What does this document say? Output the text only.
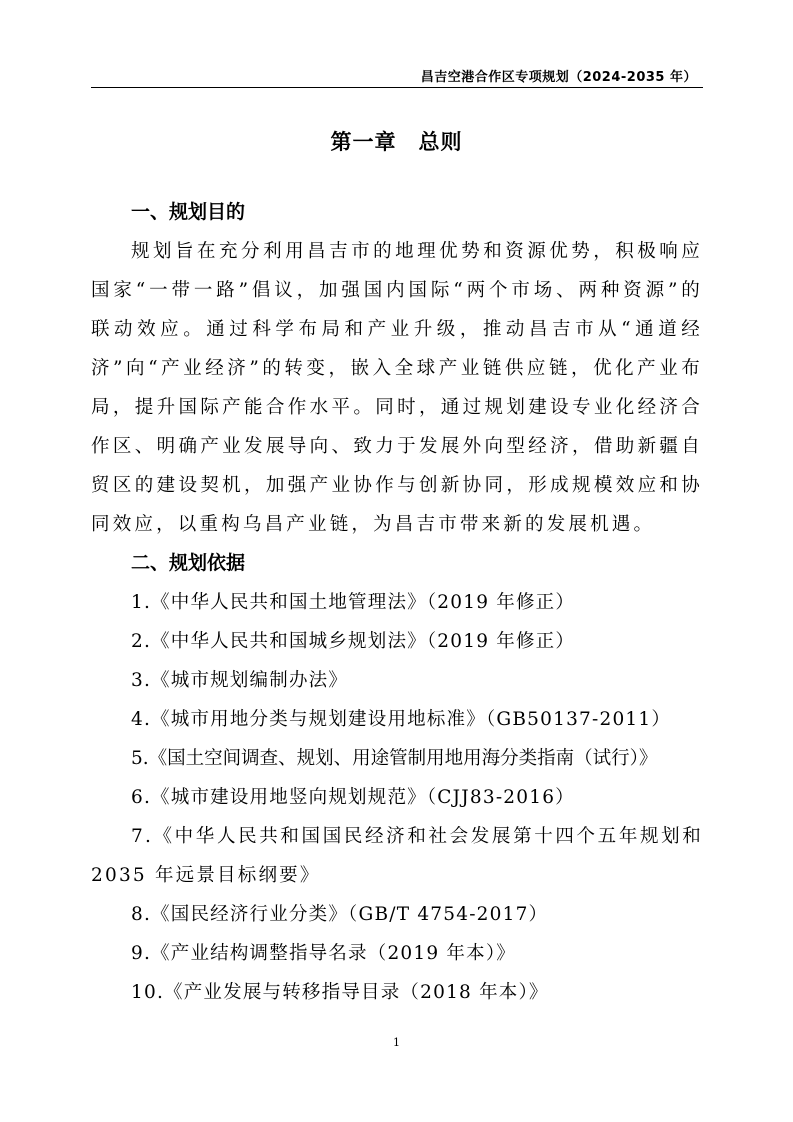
昌吉空港合作区专项规划（2024-2035 年）
第一章　总则
一、规划目的

规划旨在充分利用昌吉市的地理优势和资源优势，积极响应国家“一带一路”倡议，加强国内国际“两个市场、两种资源”的联动效应。通过科学布局和产业升级，推动昌吉市从“通道经济”向“产业经济”的转变，嵌入全球产业链供应链，优化产业布局，提升国际产能合作水平。同时，通过规划建设专业化经济合作区、明确产业发展导向、致力于发展外向型经济，借助新疆自贸区的建设契机，加强产业协作与创新协同，形成规模效应和协同效应，以重构乌昌产业链，为昌吉市带来新的发展机遇。

二、规划依据
1.《中华人民共和国土地管理法》（2019 年修正）
2.《中华人民共和国城乡规划法》（2019 年修正）
3.《城市规划编制办法》
4.《城市用地分类与规划建设用地标准》（GB50137-2011）
5.《国土空间调查、规划、用途管制用地用海分类指南（试行）》
6.《城市建设用地竖向规划规范》（CJJ83-2016）
7.《中华人民共和国国民经济和社会发展第十四个五年规划和2035 年远景目标纲要》
8.《国民经济行业分类》（GB/T 4754-2017）
9.《产业结构调整指导名录（2019 年本）》
10.《产业发展与转移指导目录（2018 年本）》
1
